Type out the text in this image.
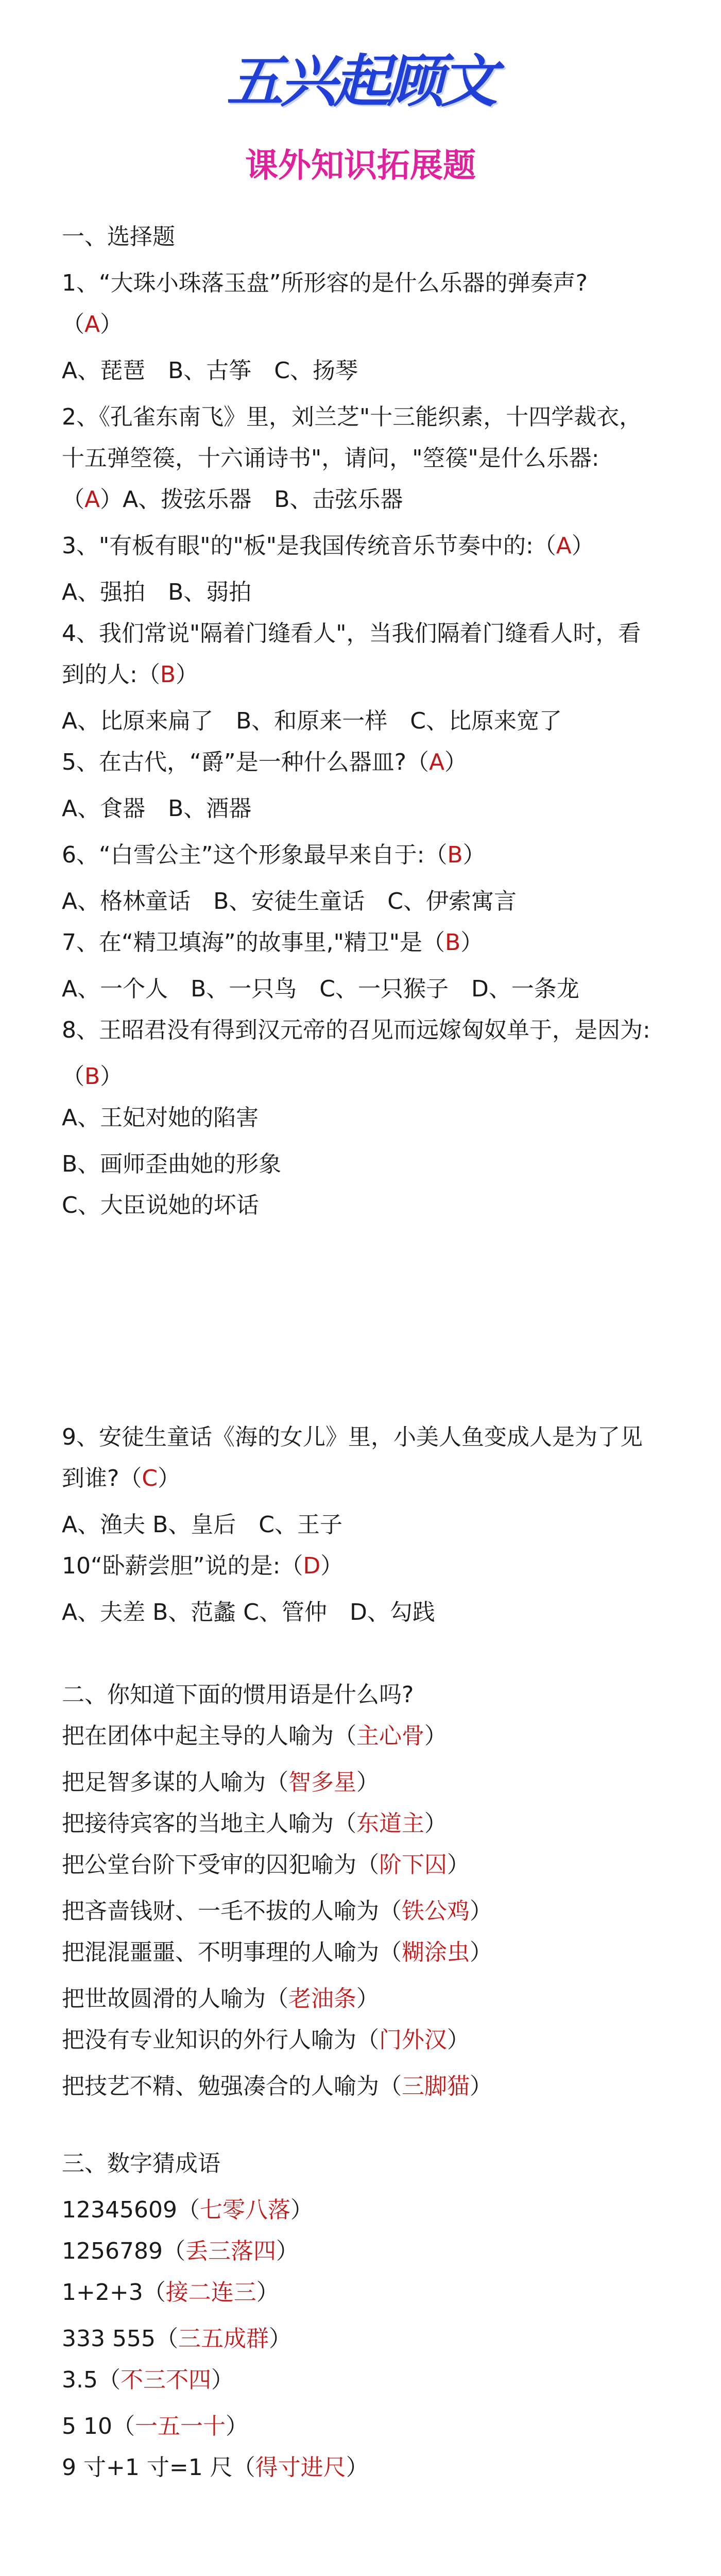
五兴起顾文
课外知识拓展题
一、选择题
1、“大珠小珠落玉盘”所形容的是什么乐器的弹奏声?
（A）
A、琵琶　B、古筝　C、扬琴
2、《孔雀东南飞》里，刘兰芝"十三能织素，十四学裁衣，
十五弹箜篌，十六诵诗书"，请问，"箜篌"是什么乐器:
（A）A、拨弦乐器　B、击弦乐器
3、"有板有眼"的"板"是我国传统音乐节奏中的:（A）
A、强拍　B、弱拍
4、我们常说"隔着门缝看人"，当我们隔着门缝看人时，看
到的人:（B）
A、比原来扁了　B、和原来一样　C、比原来宽了
5、在古代，“爵”是一种什么器皿?（A）
A、食器　B、酒器
6、“白雪公主”这个形象最早来自于:（B）
A、格林童话　B、安徒生童话　C、伊索寓言
7、在“精卫填海”的故事里,"精卫"是（B）
A、一个人　B、一只鸟　C、一只猴子　D、一条龙
8、王昭君没有得到汉元帝的召见而远嫁匈奴单于，是因为:
（B）
A、王妃对她的陷害
B、画师歪曲她的形象
C、大臣说她的坏话
9、安徒生童话《海的女儿》里，小美人鱼变成人是为了见
到谁?（C）
A、渔夫 B、皇后　C、王子
10“卧薪尝胆”说的是:（D）
A、夫差 B、范蠡 C、管仲　D、勾践
二、你知道下面的惯用语是什么吗?
把在团体中起主导的人喻为（主心骨）
把足智多谋的人喻为（智多星）
把接待宾客的当地主人喻为（东道主）
把公堂台阶下受审的囚犯喻为（阶下囚）
把吝啬钱财、一毛不拔的人喻为（铁公鸡）
把混混噩噩、不明事理的人喻为（糊涂虫）
把世故圆滑的人喻为（老油条）
把没有专业知识的外行人喻为（门外汉）
把技艺不精、勉强凑合的人喻为（三脚猫）
三、数字猜成语
12345609（七零八落）
1256789（丢三落四）
1+2+3（接二连三）
333 555（三五成群）
3.5（不三不四）
5 10（一五一十）
9 寸+1 寸=1 尺（得寸进尺）
